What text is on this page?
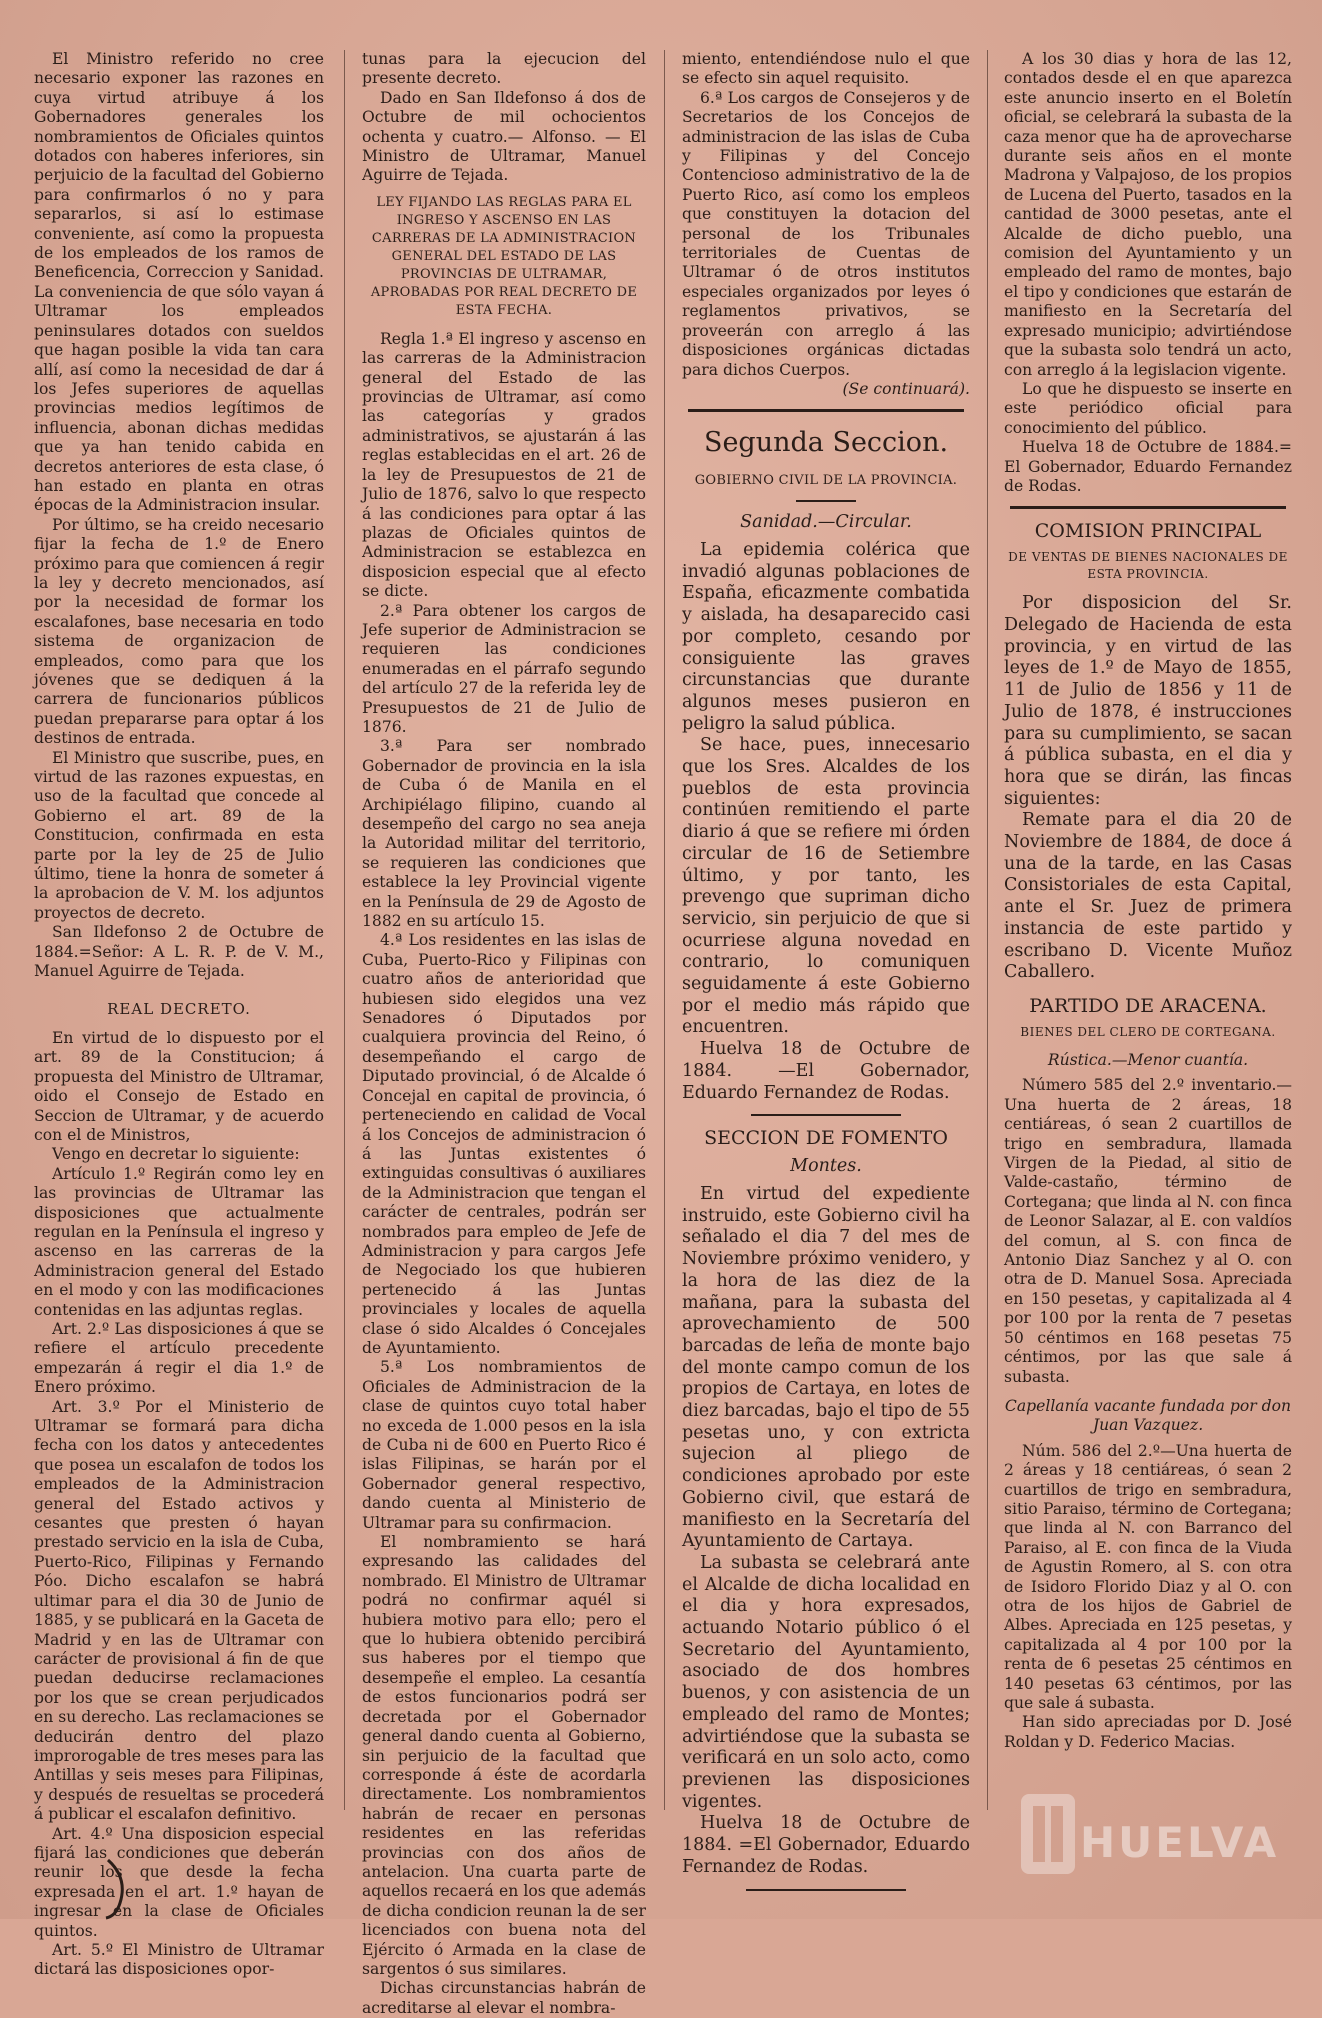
El Ministro referido no cree necesario exponer las razones en cuya virtud atribuye á los Gobernadores generales los nombramientos de Oficiales quintos dotados con haberes inferiores, sin perjuicio de la facultad del Gobierno para confirmarlos ó no y para separarlos, si así lo estimase conveniente, así como la propuesta de los empleados de los ramos de Beneficencia, Correccion y Sanidad. La conveniencia de que sólo vayan á Ultramar los empleados peninsulares dotados con sueldos que hagan posible la vida tan cara allí, así como la necesidad de dar á los Jefes superiores de aquellas provincias medios legítimos de influencia, abonan dichas medidas que ya han tenido cabida en decretos anteriores de esta clase, ó han estado en planta en otras épocas de la Administracion insular.

Por último, se ha creido necesario fijar la fecha de 1.º de Enero próximo para que comiencen á regir la ley y decreto mencionados, así por la necesidad de formar los escalafones, base necesaria en todo sistema de organizacion de empleados, como para que los jóvenes que se dediquen á la carrera de funcionarios públicos puedan prepararse para optar á los destinos de entrada.

El Ministro que suscribe, pues, en virtud de las razones expuestas, en uso de la facultad que concede al Gobierno el art. 89 de la Constitucion, confirmada en esta parte por la ley de 25 de Julio último, tiene la honra de someter á la aprobacion de V. M. los adjuntos proyectos de decreto.

San Ildefonso 2 de Octubre de 1884.=Señor: A L. R. P. de V. M., Manuel Aguirre de Tejada.

REAL DECRETO.

En virtud de lo dispuesto por el art. 89 de la Constitucion; á propuesta del Ministro de Ultramar, oido el Consejo de Estado en Seccion de Ultramar, y de acuerdo con el de Ministros,

Vengo en decretar lo siguiente:

Artículo 1.º Regirán como ley en las provincias de Ultramar las disposiciones que actualmente regulan en la Península el ingreso y ascenso en las carreras de la Administracion general del Estado en el modo y con las modificaciones contenidas en las adjuntas reglas.

Art. 2.º Las disposiciones á que se refiere el artículo precedente empezarán á regir el dia 1.º de Enero próximo.

Art. 3.º Por el Ministerio de Ultramar se formará para dicha fecha con los datos y antecedentes que posea un escalafon de todos los empleados de la Administracion general del Estado activos y cesantes que presten ó hayan prestado servicio en la isla de Cuba, Puerto-Rico, Filipinas y Fernando Póo. Dicho escalafon se habrá ultimar para el dia 30 de Junio de 1885, y se publicará en la Gaceta de Madrid y en las de Ultramar con carácter de provisional á fin de que puedan deducirse reclamaciones por los que se crean perjudicados en su derecho. Las reclamaciones se deducirán dentro del plazo improrogable de tres meses para las Antillas y seis meses para Filipinas, y después de resueltas se procederá á publicar el escalafon definitivo.

Art. 4.º Una disposicion especial fijará las condiciones que deberán reunir los que desde la fecha expresada en el art. 1.º hayan de ingresar en la clase de Oficiales quintos.

Art. 5.º El Ministro de Ultramar dictará las disposiciones opor-

tunas para la ejecucion del presente decreto.

Dado en San Ildefonso á dos de Octubre de mil ochocientos ochenta y cuatro.— Alfonso. — El Ministro de Ultramar, Manuel Aguirre de Tejada.

LEY FIJANDO LAS REGLAS PARA EL INGRESO Y ASCENSO EN LAS CARRERAS DE LA ADMINISTRACION GENERAL DEL ESTADO DE LAS PROVINCIAS DE ULTRAMAR, APROBADAS POR REAL DECRETO DE ESTA FECHA.

Regla 1.ª El ingreso y ascenso en las carreras de la Administracion general del Estado de las provincias de Ultramar, así como las categorías y grados administrativos, se ajustarán á las reglas establecidas en el art. 26 de la ley de Presupuestos de 21 de Julio de 1876, salvo lo que respecto á las condiciones para optar á las plazas de Oficiales quintos de Administracion se establezca en disposicion especial que al efecto se dicte.

2.ª Para obtener los cargos de Jefe superior de Administracion se requieren las condiciones enumeradas en el párrafo segundo del artículo 27 de la referida ley de Presupuestos de 21 de Julio de 1876.

3.ª Para ser nombrado Gobernador de provincia en la isla de Cuba ó de Manila en el Archipiélago filipino, cuando al desempeño del cargo no sea aneja la Autoridad militar del territorio, se requieren las condiciones que establece la ley Provincial vigente en la Península de 29 de Agosto de 1882 en su artículo 15.

4.ª Los residentes en las islas de Cuba, Puerto-Rico y Filipinas con cuatro años de anterioridad que hubiesen sido elegidos una vez Senadores ó Diputados por cualquiera provincia del Reino, ó desempeñando el cargo de Diputado provincial, ó de Alcalde ó Concejal en capital de provincia, ó perteneciendo en calidad de Vocal á los Concejos de administracion ó á las Juntas existentes ó extinguidas consultivas ó auxiliares de la Administracion que tengan el carácter de centrales, podrán ser nombrados para empleo de Jefe de Administracion y para cargos Jefe de Negociado los que hubieren pertenecido á las Juntas provinciales y locales de aquella clase ó sido Alcaldes ó Concejales de Ayuntamiento.

5.ª Los nombramientos de Oficiales de Administracion de la clase de quintos cuyo total haber no exceda de 1.000 pesos en la isla de Cuba ni de 600 en Puerto Rico é islas Filipinas, se harán por el Gobernador general respectivo, dando cuenta al Ministerio de Ultramar para su confirmacion.

El nombramiento se hará expresando las calidades del nombrado. El Ministro de Ultramar podrá no confirmar aquél si hubiera motivo para ello; pero el que lo hubiera obtenido percibirá sus haberes por el tiempo que desempeñe el empleo. La cesantía de estos funcionarios podrá ser decretada por el Gobernador general dando cuenta al Gobierno, sin perjuicio de la facultad que corresponde á éste de acordarla directamente. Los nombramientos habrán de recaer en personas residentes en las referidas provincias con dos años de antelacion. Una cuarta parte de aquellos recaerá en los que además de dicha condicion reunan la de ser licenciados con buena nota del Ejército ó Armada en la clase de sargentos ó sus similares.

Dichas circunstancias habrán de acreditarse al elevar el nombra-

miento, entendiéndose nulo el que se efecto sin aquel requisito.

6.ª Los cargos de Consejeros y de Secretarios de los Concejos de administracion de las islas de Cuba y Filipinas y del Concejo Contencioso administrativo de la de Puerto Rico, así como los empleos que constituyen la dotacion del personal de los Tribunales territoriales de Cuentas de Ultramar ó de otros institutos especiales organizados por leyes ó reglamentos privativos, se proveerán con arreglo á las disposiciones orgánicas dictadas para dichos Cuerpos.

(Se continuará).

Segunda Seccion.
GOBIERNO CIVIL DE LA PROVINCIA.
Sanidad.—Circular.

La epidemia colérica que invadió algunas poblaciones de España, eficazmente combatida y aislada, ha desaparecido casi por completo, cesando por consiguiente las graves circunstancias que durante algunos meses pusieron en peligro la salud pública.

Se hace, pues, innecesario que los Sres. Alcaldes de los pueblos de esta provincia continúen remitiendo el parte diario á que se refiere mi órden circular de 16 de Setiembre último, y por tanto, les prevengo que supriman dicho servicio, sin perjuicio de que si ocurriese alguna novedad en contrario, lo comuniquen seguidamente á este Gobierno por el medio más rápido que encuentren.

Huelva 18 de Octubre de 1884. —El Gobernador, Eduardo Fernandez de Rodas.

SECCION DE FOMENTO
Montes.

En virtud del expediente instruido, este Gobierno civil ha señalado el dia 7 del mes de Noviembre próximo venidero, y la hora de las diez de la mañana, para la subasta del aprovechamiento de 500 barcadas de leña de monte bajo del monte campo comun de los propios de Cartaya, en lotes de diez barcadas, bajo el tipo de 55 pesetas uno, y con extricta sujecion al pliego de condiciones aprobado por este Gobierno civil, que estará de manifiesto en la Secretaría del Ayuntamiento de Cartaya.

La subasta se celebrará ante el Alcalde de dicha localidad en el dia y hora expresados, actuando Notario público ó el Secretario del Ayuntamiento, asociado de dos hombres buenos, y con asistencia de un empleado del ramo de Montes; advirtiéndose que la subasta se verificará en un solo acto, como previenen las disposiciones vigentes.

Huelva 18 de Octubre de 1884. =El Gobernador, Eduardo Fernandez de Rodas.

A los 30 dias y hora de las 12, contados desde el en que aparezca este anuncio inserto en el Boletín oficial, se celebrará la subasta de la caza menor que ha de aprovecharse durante seis años en el monte Madrona y Valpajoso, de los propios de Lucena del Puerto, tasados en la cantidad de 3000 pesetas, ante el Alcalde de dicho pueblo, una comision del Ayuntamiento y un empleado del ramo de montes, bajo el tipo y condiciones que estarán de manifiesto en la Secretaría del expresado municipio; advirtiéndose que la subasta solo tendrá un acto, con arreglo á la legislacion vigente.

Lo que he dispuesto se inserte en este periódico oficial para conocimiento del público.

Huelva 18 de Octubre de 1884.= El Gobernador, Eduardo Fernandez de Rodas.

COMISION PRINCIPAL
DE VENTAS DE BIENES NACIONALES DE ESTA PROVINCIA.

Por disposicion del Sr. Delegado de Hacienda de esta provincia, y en virtud de las leyes de 1.º de Mayo de 1855, 11 de Julio de 1856 y 11 de Julio de 1878, é instrucciones para su cumplimiento, se sacan á pública subasta, en el dia y hora que se dirán, las fincas siguientes:

Remate para el dia 20 de Noviembre de 1884, de doce á una de la tarde, en las Casas Consistoriales de esta Capital, ante el Sr. Juez de primera instancia de este partido y escribano D. Vicente Muñoz Caballero.

PARTIDO DE ARACENA.
BIENES DEL CLERO DE CORTEGANA.
Rústica.—Menor cuantía.

Número 585 del 2.º inventario.— Una huerta de 2 áreas, 18 centiáreas, ó sean 2 cuartillos de trigo en sembradura, llamada Virgen de la Piedad, al sitio de Valde-castaño, término de Cortegana; que linda al N. con finca de Leonor Salazar, al E. con valdíos del comun, al S. con finca de Antonio Diaz Sanchez y al O. con otra de D. Manuel Sosa. Apreciada en 150 pesetas, y capitalizada al 4 por 100 por la renta de 7 pesetas 50 céntimos en 168 pesetas 75 céntimos, por las que sale á subasta.

Capellanía vacante fundada por don Juan Vazquez.

Núm. 586 del 2.º—Una huerta de 2 áreas y 18 centiáreas, ó sean 2 cuartillos de trigo en sembradura, sitio Paraiso, término de Cortegana; que linda al N. con Barranco del Paraiso, al E. con finca de la Viuda de Agustin Romero, al S. con otra de Isidoro Florido Diaz y al O. con otra de los hijos de Gabriel de Albes. Apreciada en 125 pesetas, y capitalizada al 4 por 100 por la renta de 6 pesetas 25 céntimos en 140 pesetas 63 céntimos, por las que sale á subasta.

Han sido apreciadas por D. José Roldan y D. Federico Macias.

HUELVA
